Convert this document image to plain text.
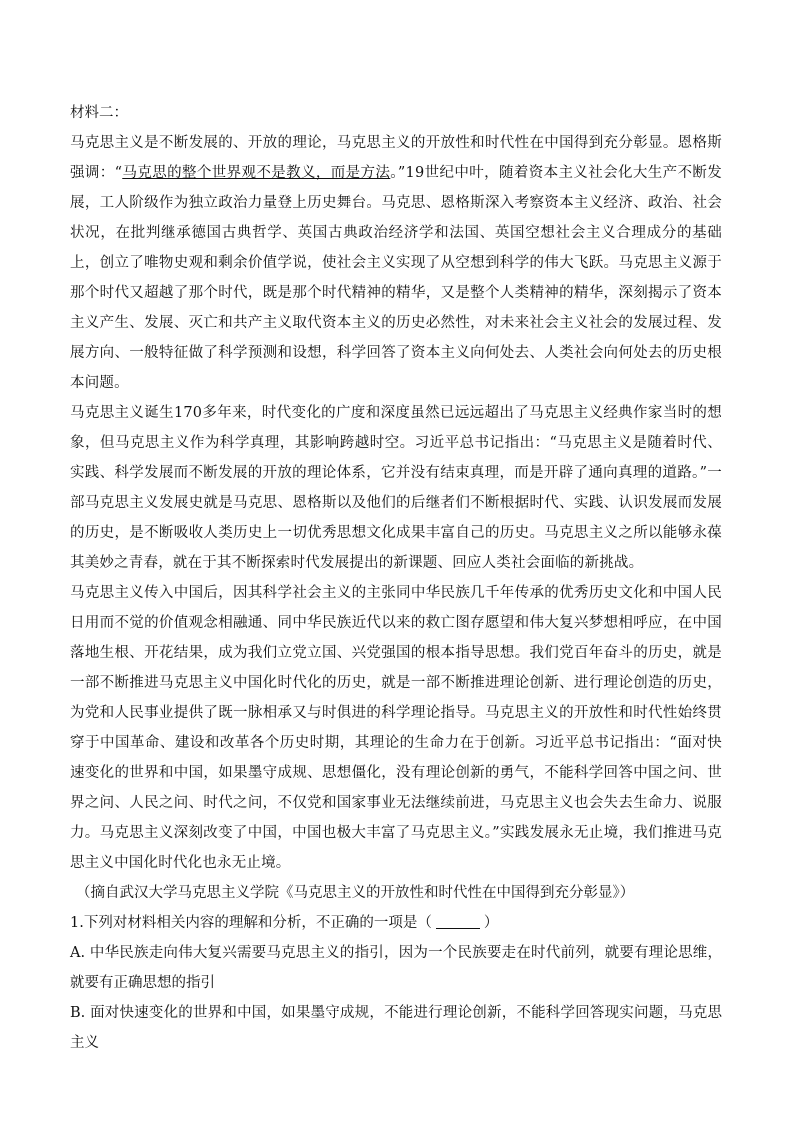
材料二：

马克思主义是不断发展的、开放的理论，马克思主义的开放性和时代性在中国得到充分彰显。恩格斯强调：“马克思的整个世界观不是教义，而是方法。”19世纪中叶，随着资本主义社会化大生产不断发展，工人阶级作为独立政治力量登上历史舞台。马克思、恩格斯深入考察资本主义经济、政治、社会状况，在批判继承德国古典哲学、英国古典政治经济学和法国、英国空想社会主义合理成分的基础上，创立了唯物史观和剩余价值学说，使社会主义实现了从空想到科学的伟大飞跃。马克思主义源于那个时代又超越了那个时代，既是那个时代精神的精华，又是整个人类精神的精华，深刻揭示了资本主义产生、发展、灭亡和共产主义取代资本主义的历史必然性，对未来社会主义社会的发展过程、发展方向、一般特征做了科学预测和设想，科学回答了资本主义向何处去、人类社会向何处去的历史根本问题。

马克思主义诞生170多年来，时代变化的广度和深度虽然已远远超出了马克思主义经典作家当时的想象，但马克思主义作为科学真理，其影响跨越时空。习近平总书记指出：“马克思主义是随着时代、实践、科学发展而不断发展的开放的理论体系，它并没有结束真理，而是开辟了通向真理的道路。”一部马克思主义发展史就是马克思、恩格斯以及他们的后继者们不断根据时代、实践、认识发展而发展的历史，是不断吸收人类历史上一切优秀思想文化成果丰富自己的历史。马克思主义之所以能够永葆其美妙之青春，就在于其不断探索时代发展提出的新课题、回应人类社会面临的新挑战。

马克思主义传入中国后，因其科学社会主义的主张同中华民族几千年传承的优秀历史文化和中国人民日用而不觉的价值观念相融通、同中华民族近代以来的救亡图存愿望和伟大复兴梦想相呼应，在中国落地生根、开花结果，成为我们立党立国、兴党强国的根本指导思想。我们党百年奋斗的历史，就是一部不断推进马克思主义中国化时代化的历史，就是一部不断推进理论创新、进行理论创造的历史，为党和人民事业提供了既一脉相承又与时俱进的科学理论指导。马克思主义的开放性和时代性始终贯穿于中国革命、建设和改革各个历史时期，其理论的生命力在于创新。习近平总书记指出：“面对快速变化的世界和中国，如果墨守成规、思想僵化，没有理论创新的勇气，不能科学回答中国之问、世界之问、人民之问、时代之问，不仅党和国家事业无法继续前进，马克思主义也会失去生命力、说服力。马克思主义深刻改变了中国，中国也极大丰富了马克思主义。”实践发展永无止境，我们推进马克思主义中国化时代化也永无止境。

（摘自武汉大学马克思主义学院《马克思主义的开放性和时代性在中国得到充分彰显》）

1.下列对材料相关内容的理解和分析，不正确的一项是（	）

A. 中华民族走向伟大复兴需要马克思主义的指引，因为一个民族要走在时代前列，就要有理论思维，就要有正确思想的指引

B. 面对快速变化的世界和中国，如果墨守成规，不能进行理论创新，不能科学回答现实问题，马克思主义
